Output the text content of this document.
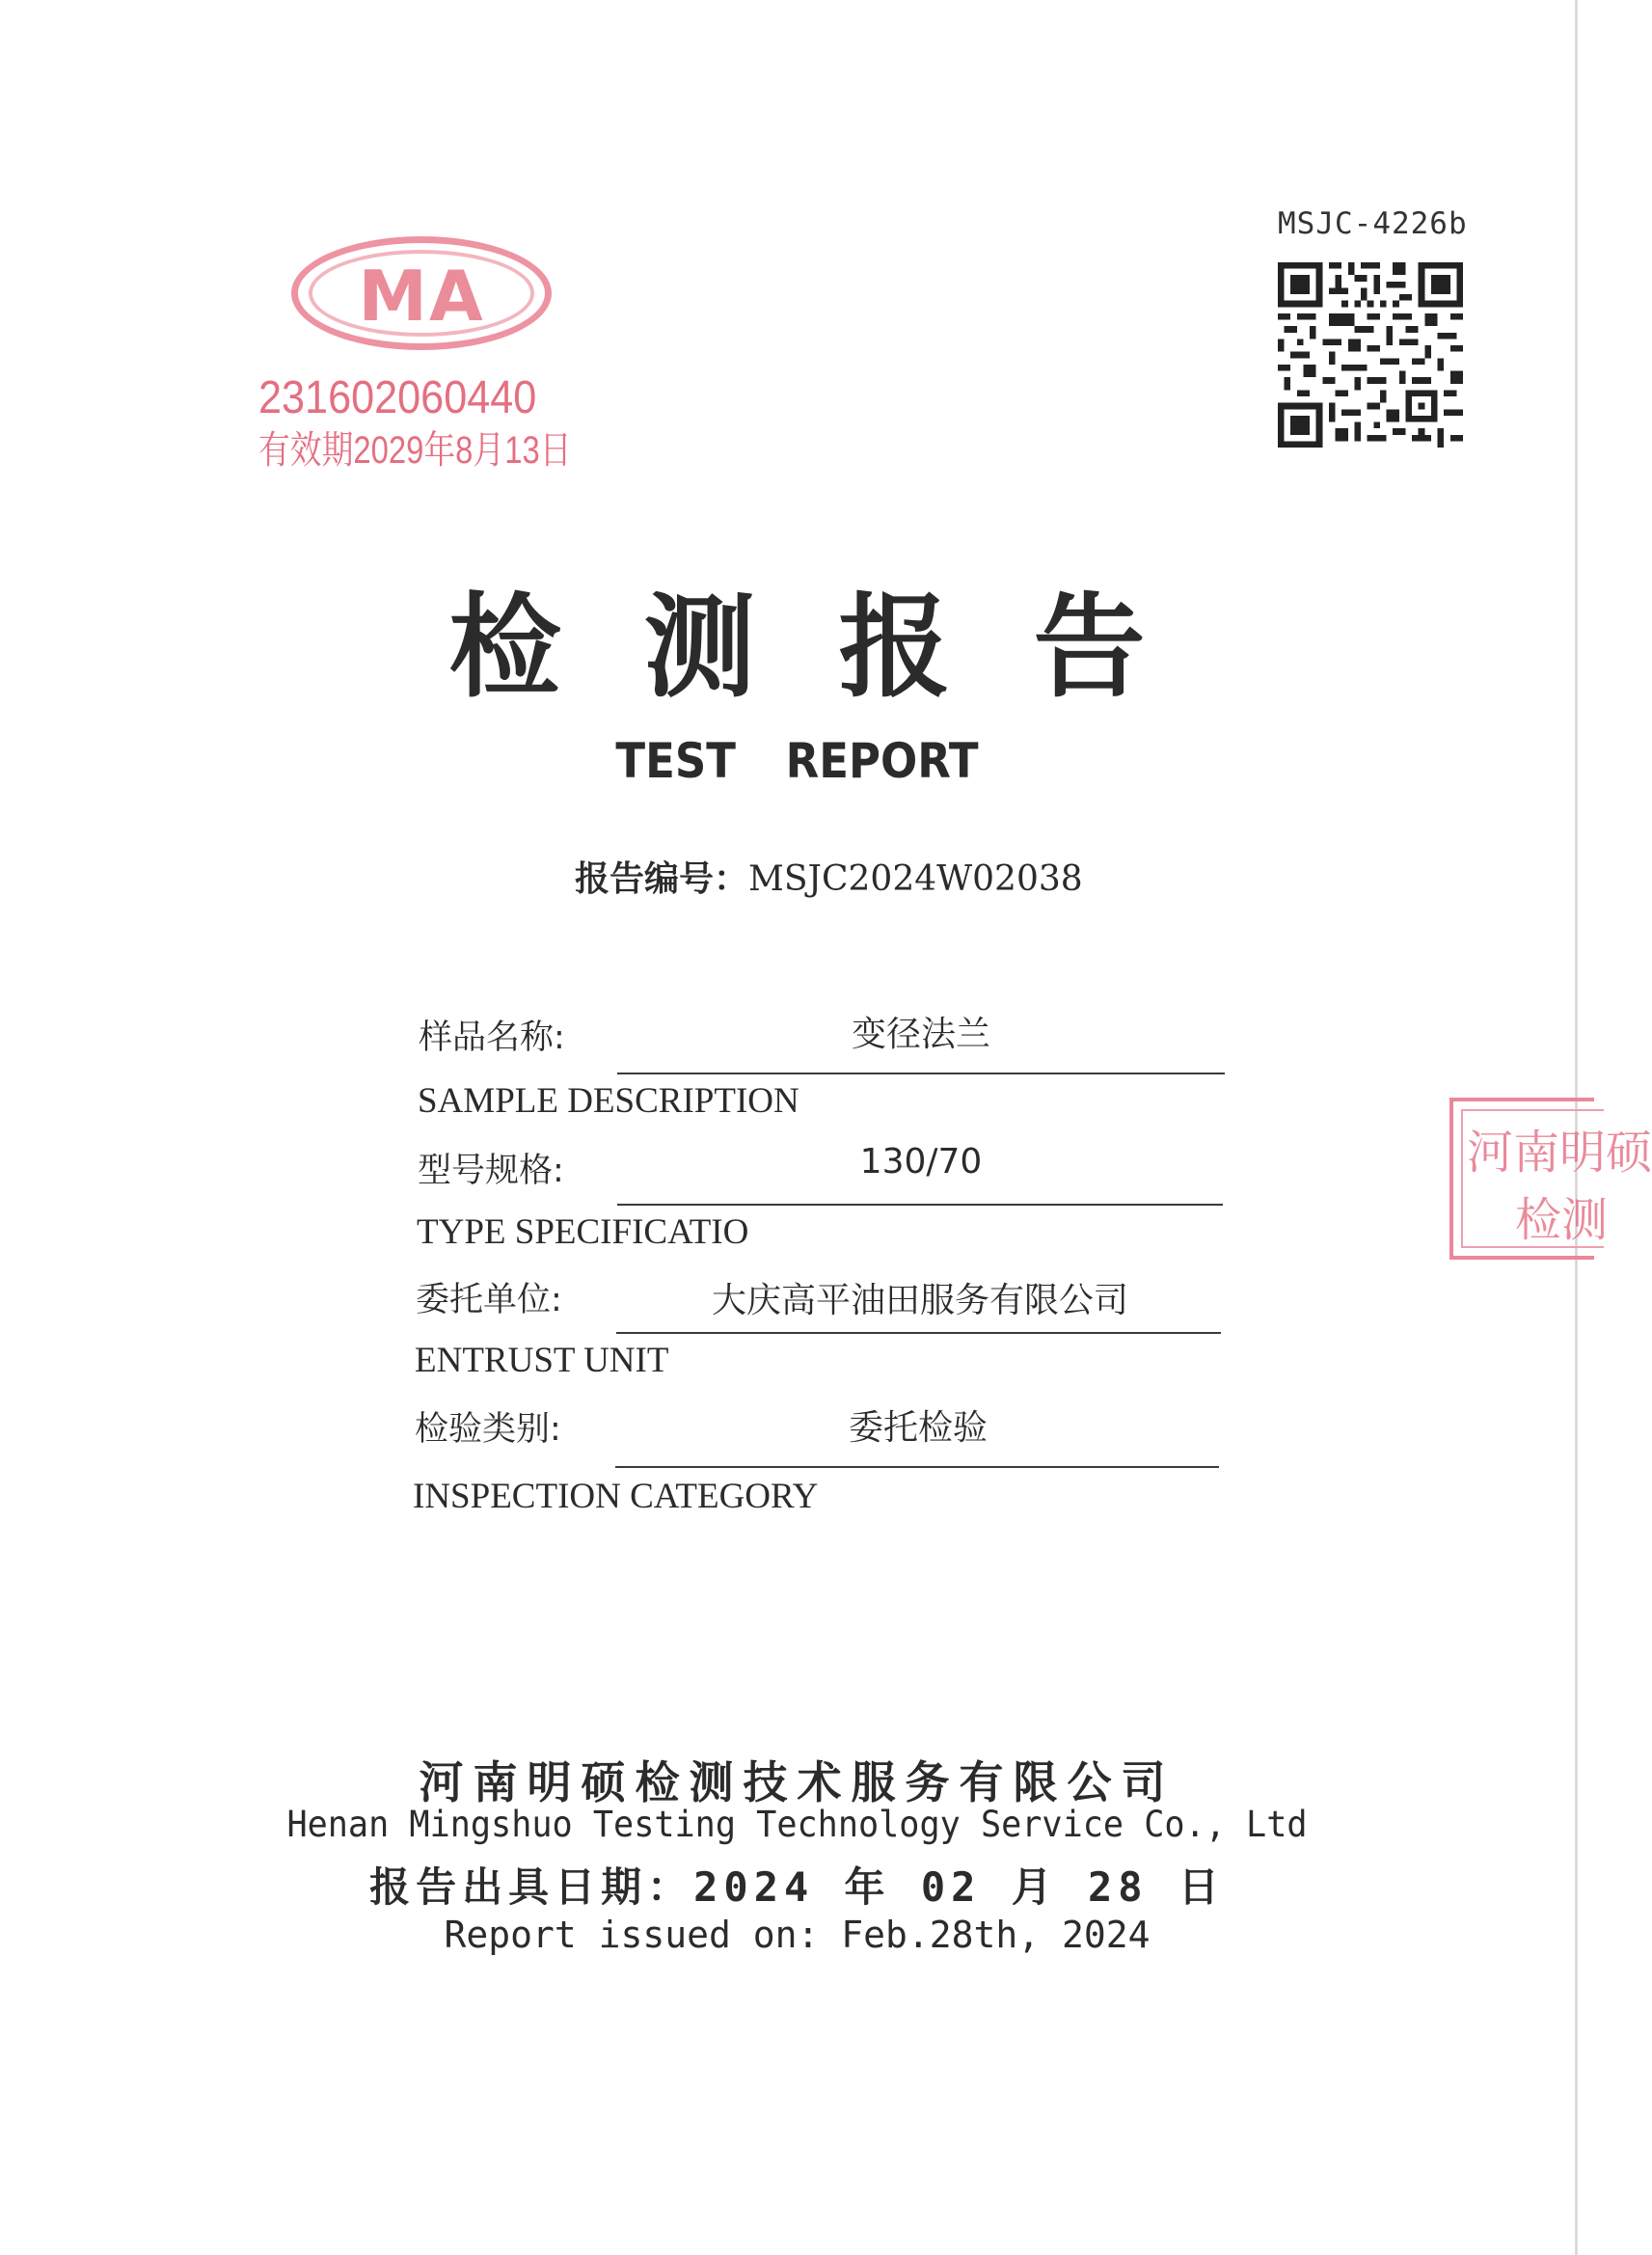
MA
231602060440
有效期2029年8月13日
MSJC-4226b
河南明硕
检测
检测报告
TEST REPORT
报告编号：MSJC2024W02038
样品名称:	变径法兰
SAMPLE DESCRIPTION
型号规格:	130/70
TYPE SPECIFICATIO
委托单位:	大庆高平油田服务有限公司
ENTRUST UNIT
检验类别:	委托检验
INSPECTION CATEGORY
河南明硕检测技术服务有限公司
Henan Mingshuo Testing Technology Service Co., Ltd
报告出具日期：2024 年 02 月 28 日
Report issued on: Feb.28th, 2024
